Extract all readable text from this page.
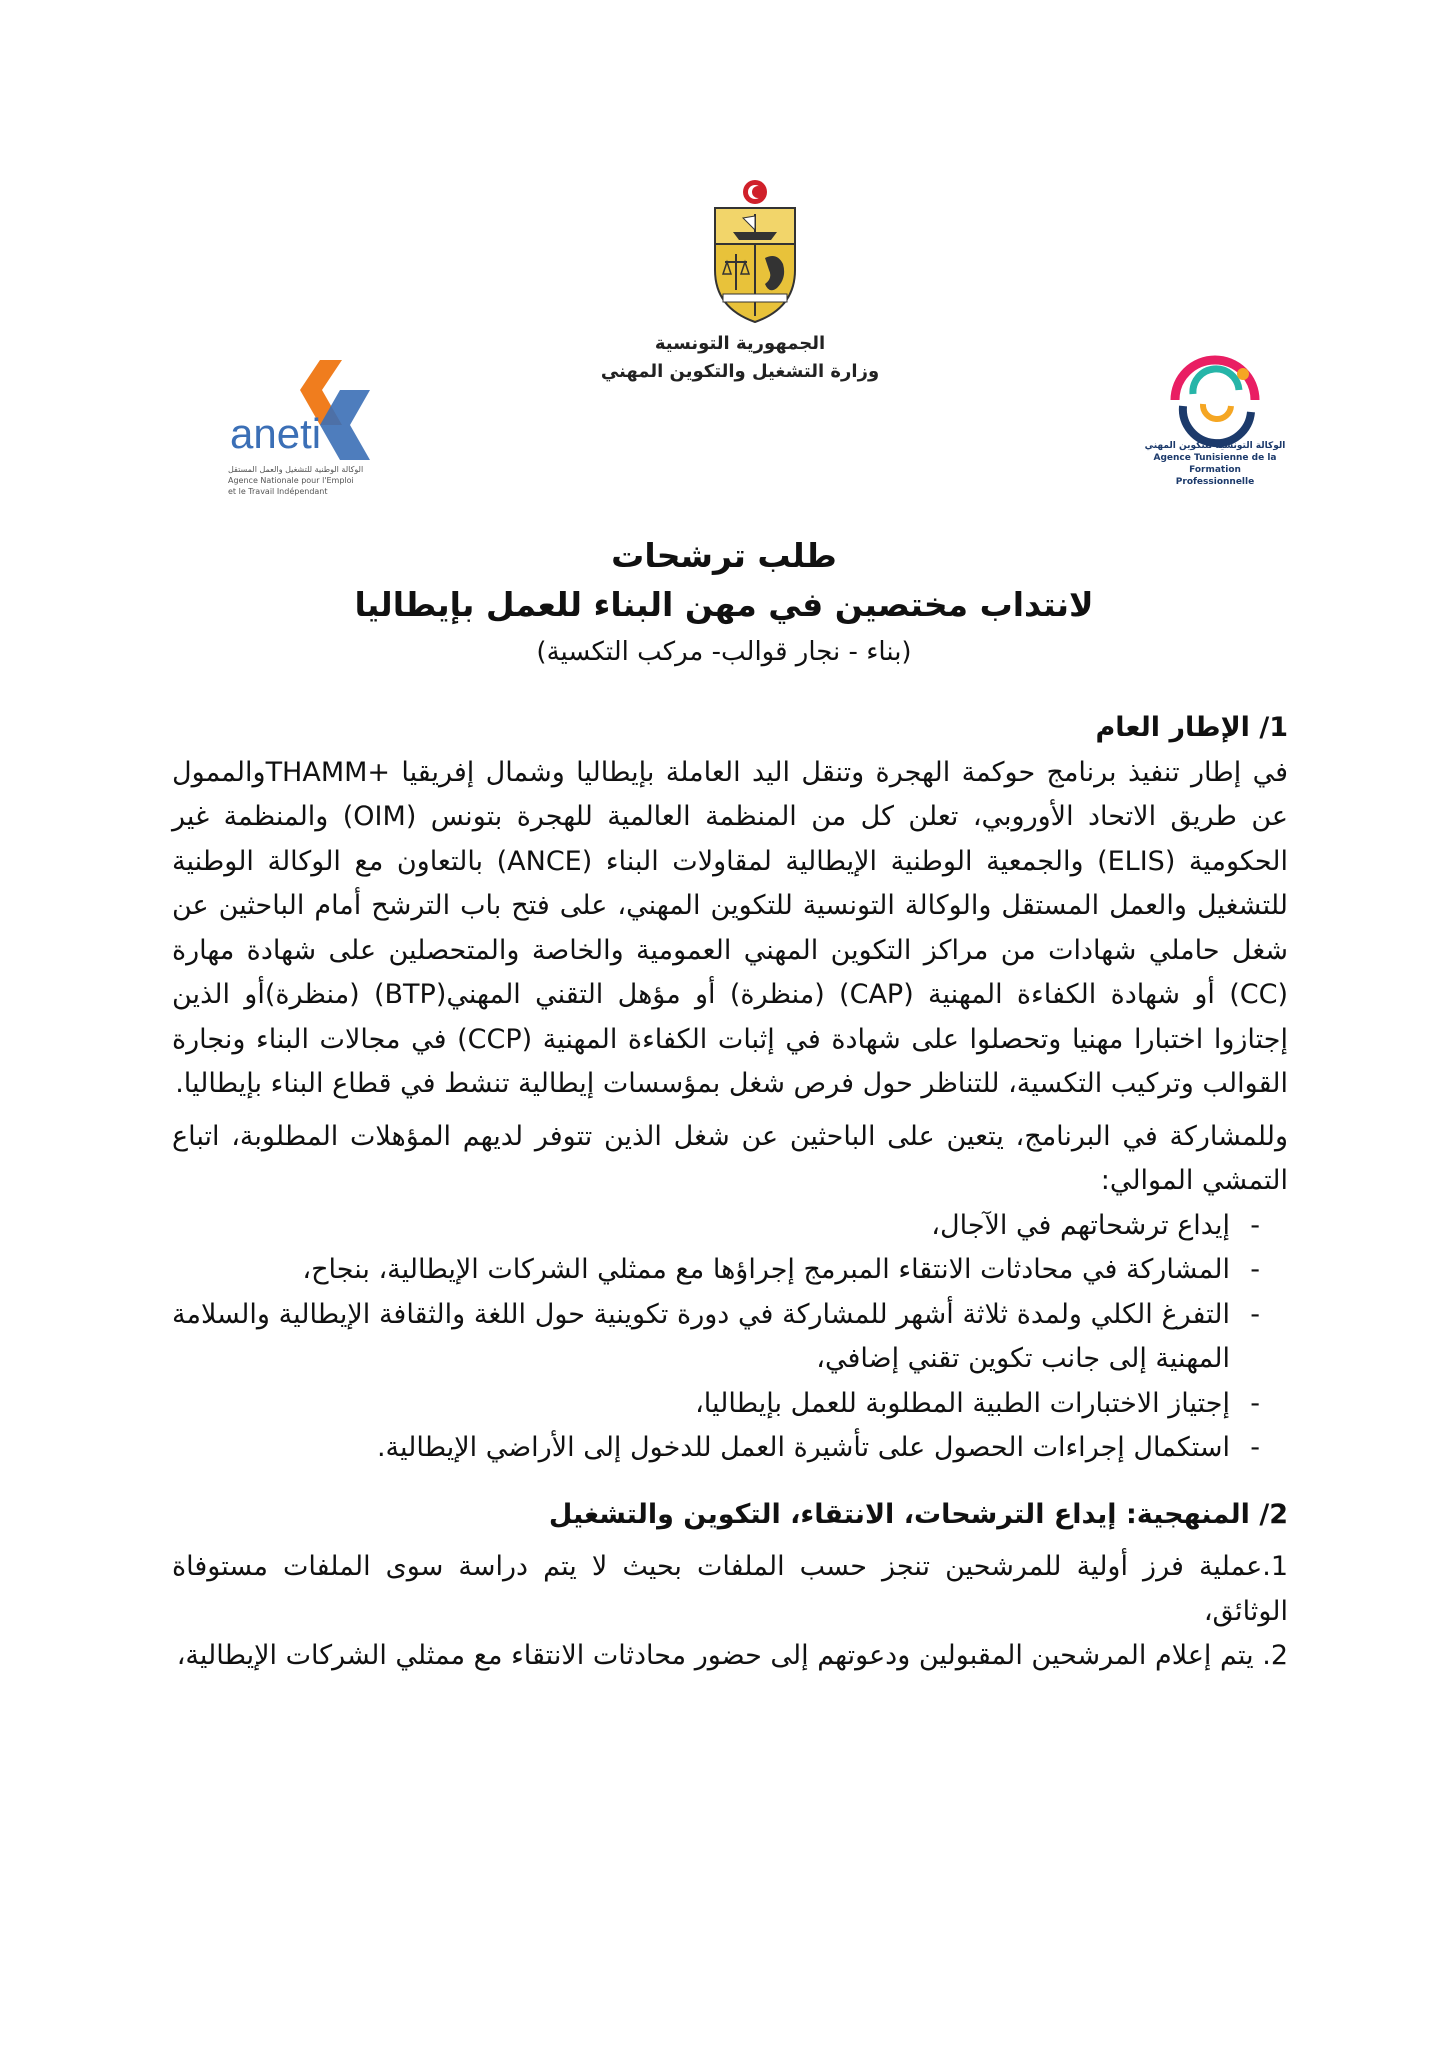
الجمهورية التونسية
وزارة التشغيل والتكوين المهني
aneti
الوكالة الوطنية للتشغيل والعمل المستقل
Agence Nationale pour l'Emploi
et le Travail Indépendant
الوكالة التونسية للتكوين المهني
Agence Tunisienne de la Formation
Professionnelle
طلب ترشحات
لانتداب مختصين في مهن البناء للعمل بإيطاليا
(بناء - نجار قوالب- مركب التكسية)
1/ الإطار العام

في إطار تنفيذ برنامج حوكمة الهجرة وتنقل اليد العاملة بإيطاليا وشمال إفريقيا +THAMMوالممول عن طريق الاتحاد الأوروبي، تعلن كل من المنظمة العالمية للهجرة بتونس (OIM) والمنظمة غير الحكومية (ELIS) والجمعية الوطنية الإيطالية لمقاولات البناء (ANCE) بالتعاون مع الوكالة الوطنية للتشغيل والعمل المستقل والوكالة التونسية للتكوين المهني، على فتح باب الترشح أمام الباحثين عن شغل حاملي شهادات من مراكز التكوين المهني العمومية والخاصة والمتحصلين على شهادة مهارة (CC) أو شهادة الكفاءة المهنية (CAP) (منظرة) أو مؤهل التقني المهني(BTP) (منظرة)أو الذين إجتازوا اختبارا مهنيا وتحصلوا على شهادة في إثبات الكفاءة المهنية (CCP) في مجالات البناء ونجارة القوالب وتركيب التكسية، للتناظر حول فرص شغل بمؤسسات إيطالية تنشط في قطاع البناء بإيطاليا.

وللمشاركة في البرنامج، يتعين على الباحثين عن شغل الذين تتوفر لديهم المؤهلات المطلوبة، اتباع التمشي الموالي:

- إيداع ترشحاتهم في الآجال،
- المشاركة في محادثات الانتقاء المبرمج إجراؤها مع ممثلي الشركات الإيطالية، بنجاح،
- التفرغ الكلي ولمدة ثلاثة أشهر للمشاركة في دورة تكوينية حول اللغة والثقافة الإيطالية والسلامة المهنية إلى جانب تكوين تقني إضافي،
- إجتياز الاختبارات الطبية المطلوبة للعمل بإيطاليا،
- استكمال إجراءات الحصول على تأشيرة العمل للدخول إلى الأراضي الإيطالية.
2/ المنهجية: إيداع الترشحات، الانتقاء، التكوين والتشغيل

1.عملية فرز أولية للمرشحين تنجز حسب الملفات بحيث لا يتم دراسة سوى الملفات مستوفاة الوثائق،

2. يتم إعلام المرشحين المقبولين ودعوتهم إلى حضور محادثات الانتقاء مع ممثلي الشركات الإيطالية،
